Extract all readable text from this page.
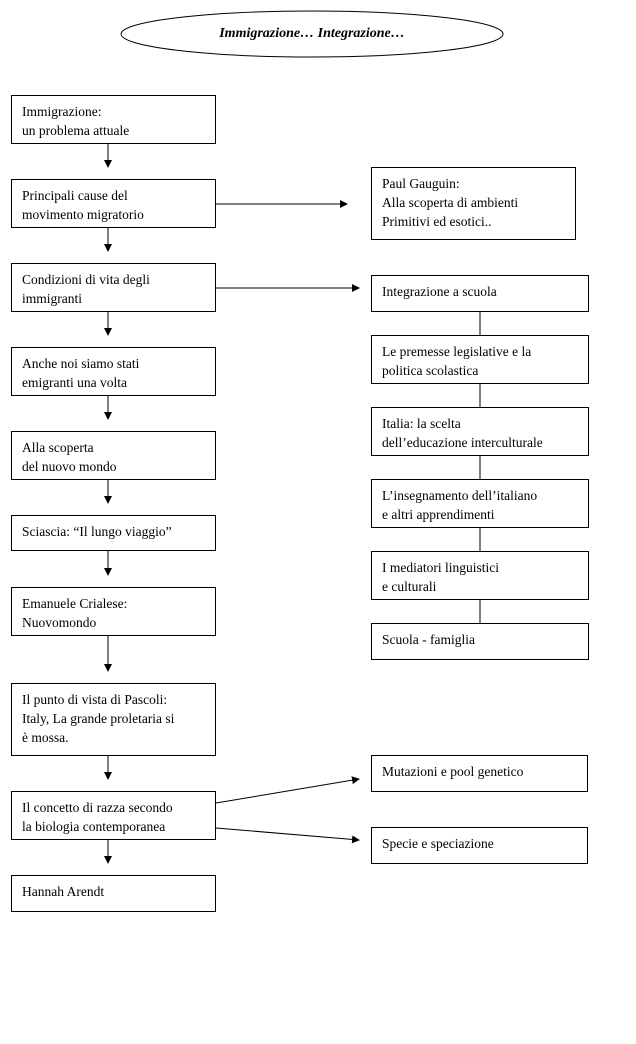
Immigrazione… Integrazione…
Immigrazione:
un problema attuale
Principali cause del
movimento migratorio
Condizioni di vita degli
immigranti
Anche noi siamo stati
emigranti una volta
Alla scoperta
del nuovo mondo
Sciascia: “Il lungo viaggio”
Emanuele Crialese:
Nuovomondo
Il punto di vista di Pascoli:
Italy, La grande proletaria si
è mossa.
Il concetto di razza secondo
la biologia contemporanea
Hannah Arendt
Paul Gauguin:
Alla scoperta di ambienti
Primitivi ed esotici..
Integrazione a scuola
Le premesse legislative e la
politica scolastica
Italia: la scelta
dell’educazione interculturale
L’insegnamento dell’italiano
e altri apprendimenti
I mediatori linguistici
e culturali
Scuola - famiglia
Mutazioni e pool genetico
Specie e speciazione
